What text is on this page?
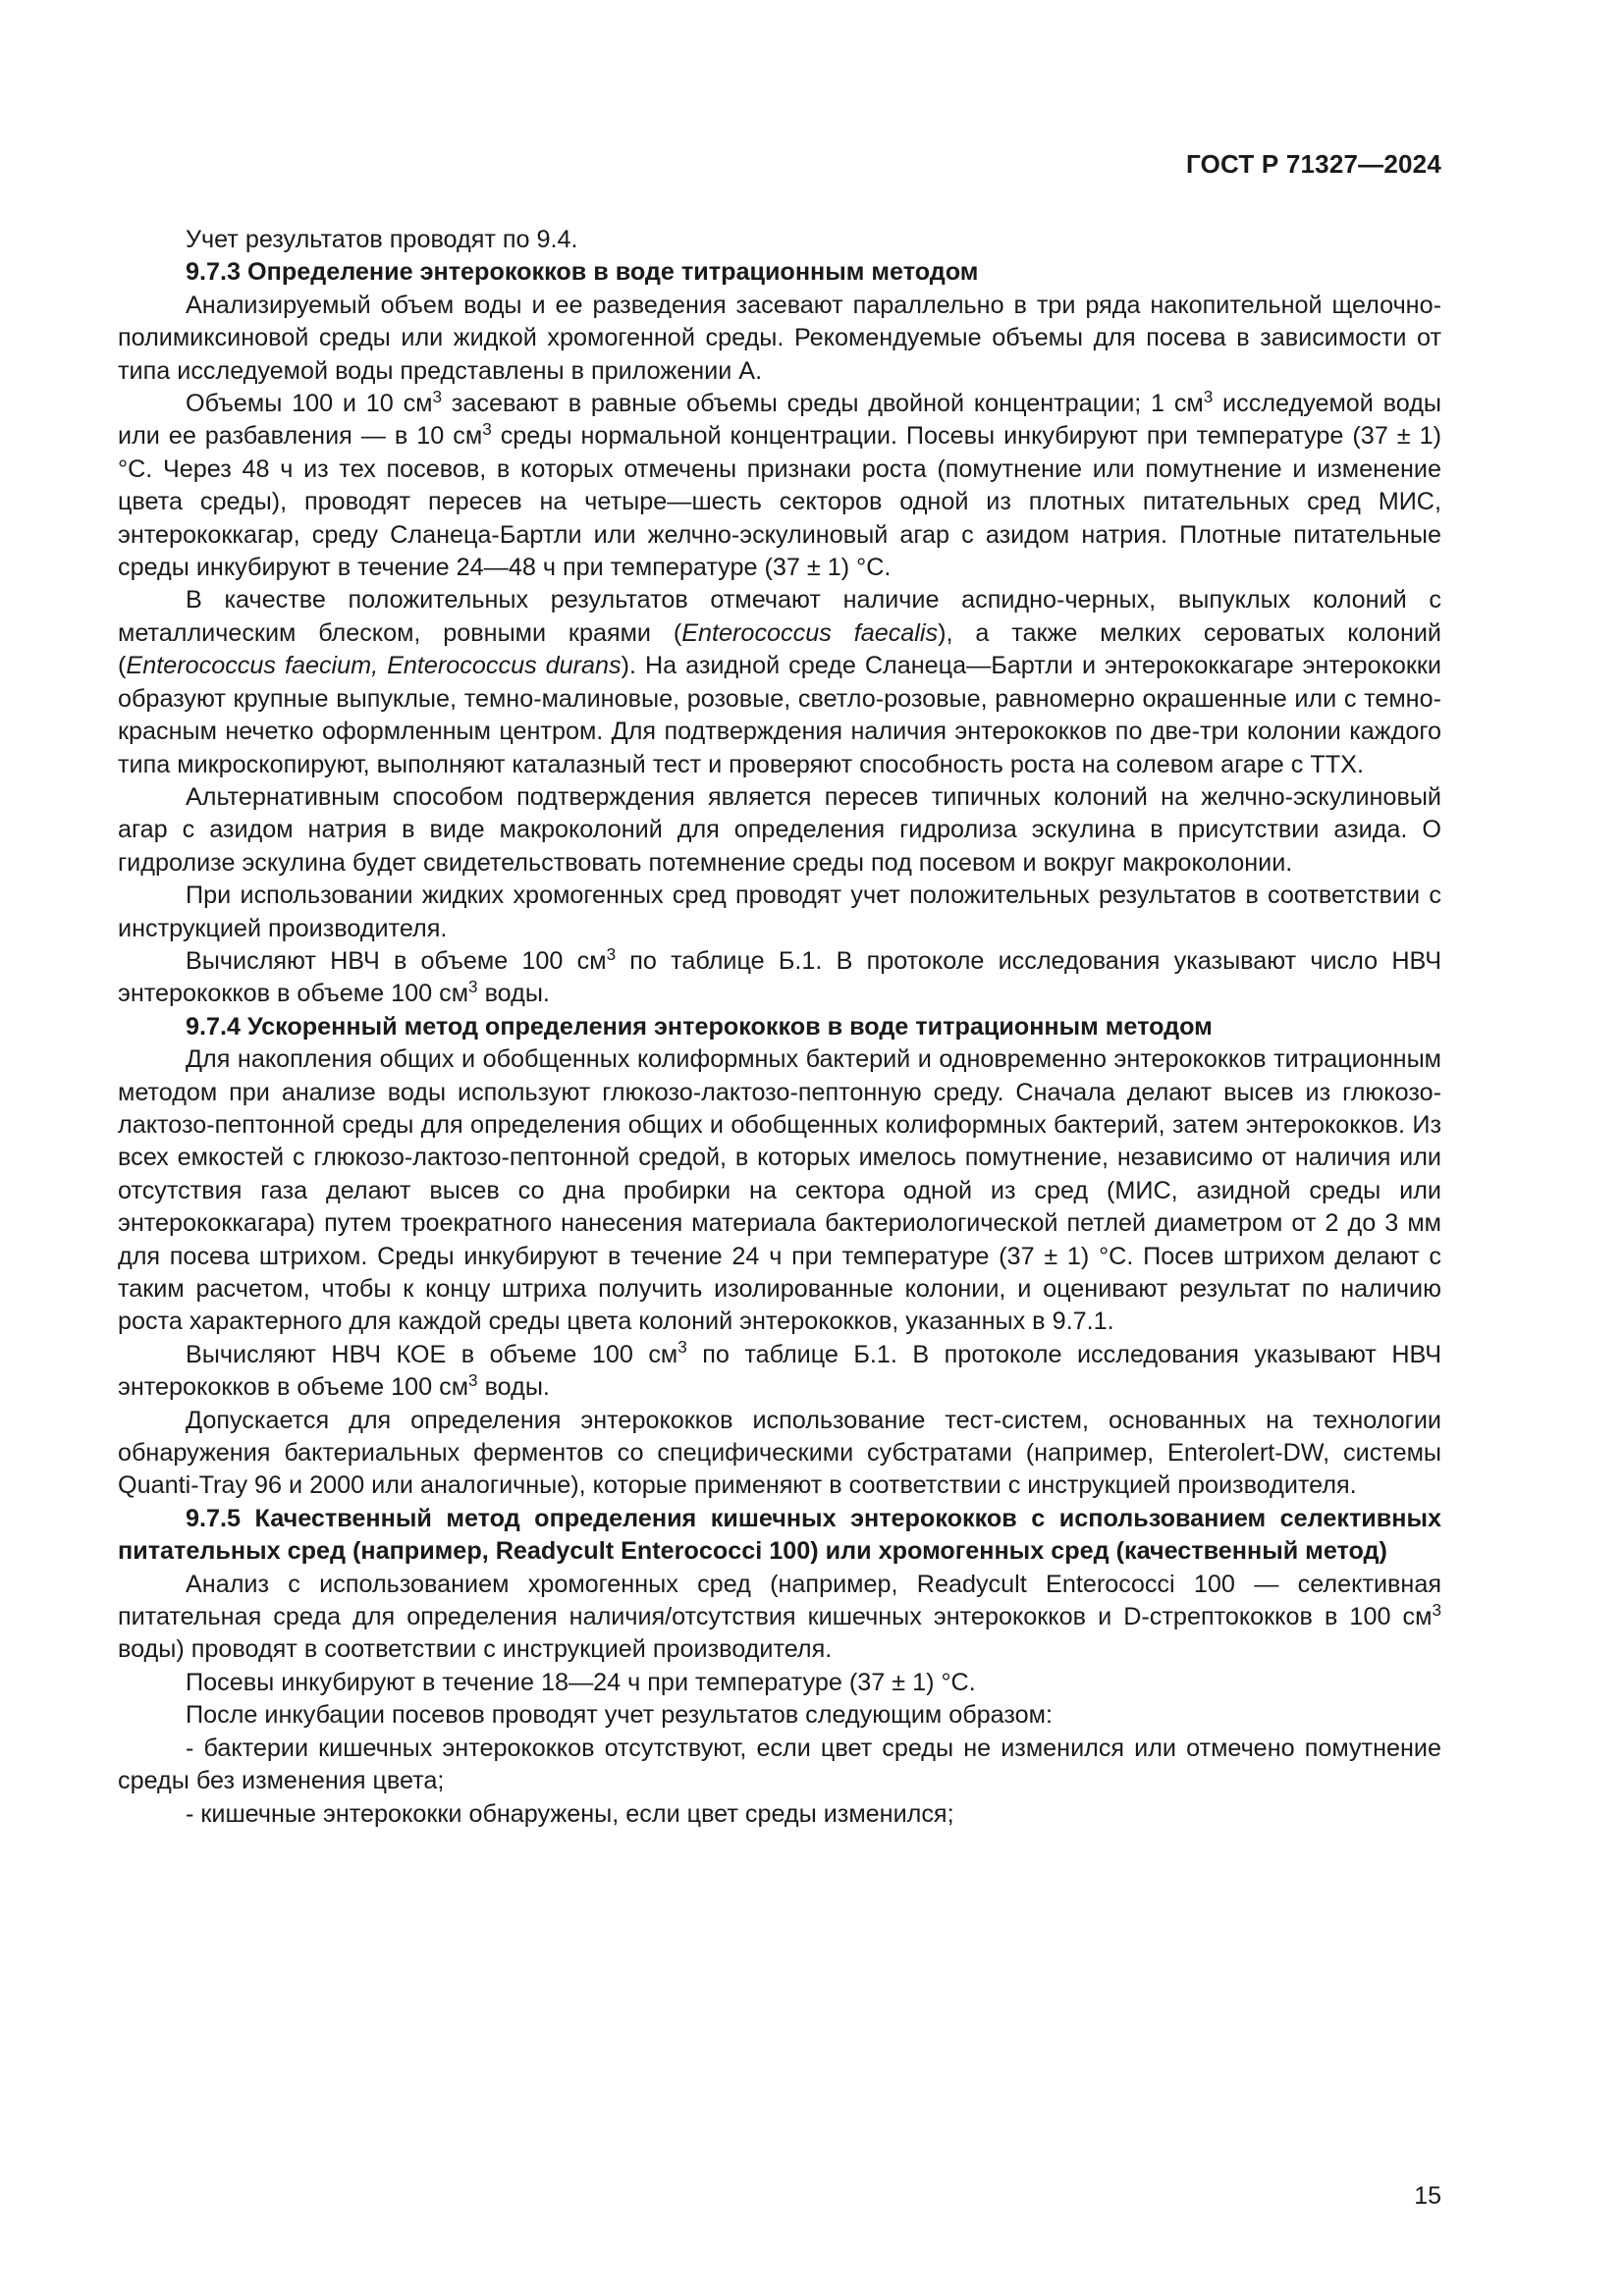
ГОСТ Р 71327—2024

Учет результатов проводят по 9.4.

9.7.3 Определение энтерококков в воде титрационным методом

Анализируемый объем воды и ее разведения засевают параллельно в три ряда накопительной щелочно-полимиксиновой среды или жидкой хромогенной среды. Рекомендуемые объемы для посева в зависимости от типа исследуемой воды представлены в приложении А.

Объемы 100 и 10 $см^3$ засевают в равные объемы среды двойной концентрации; 1 $см^3$ исследуемой воды или ее разбавления — в 10 $см^3$ среды нормальной концентрации. Посевы инкубируют при температуре (37 ± 1) °С. Через 48 ч из тех посевов, в которых отмечены признаки роста (помутнение или помутнение и изменение цвета среды), проводят пересев на четыре—шесть секторов одной из плотных питательных сред МИС, энтерококкагар, среду Сланеца-Бартли или желчно-эскулиновый агар с азидом натрия. Плотные питательные среды инкубируют в течение 24—48 ч при температуре (37 ± 1) °С.

В качестве положительных результатов отмечают наличие аспидно-черных, выпуклых колоний с металлическим блеском, ровными краями (Enterococcus faecalis), а также мелких сероватых колоний (Enterococcus faecium, Enterococcus durans). На азидной среде Сланеца—Бартли и энтерококкагаре энтерококки образуют крупные выпуклые, темно-малиновые, розовые, светло-розовые, равномерно окрашенные или с темно-красным нечетко оформленным центром. Для подтверждения наличия энтерококков по две-три колонии каждого типа микроскопируют, выполняют каталазный тест и проверяют способность роста на солевом агаре с ТТХ.

Альтернативным способом подтверждения является пересев типичных колоний на желчно-эскулиновый агар с азидом натрия в виде макроколоний для определения гидролиза эскулина в присутствии азида. О гидролизе эскулина будет свидетельствовать потемнение среды под посевом и вокруг макроколонии.

При использовании жидких хромогенных сред проводят учет положительных результатов в соответствии с инструкцией производителя.

Вычисляют НВЧ в объеме 100 $см^3$ по таблице Б.1. В протоколе исследования указывают число НВЧ энтерококков в объеме 100 $см^3$ воды.

9.7.4 Ускоренный метод определения энтерококков в воде титрационным методом

Для накопления общих и обобщенных колиформных бактерий и одновременно энтерококков титрационным методом при анализе воды используют глюкозо-лактозо-пептонную среду. Сначала делают высев из глюкозо-лактозо-пептонной среды для определения общих и обобщенных колиформных бактерий, затем энтерококков. Из всех емкостей с глюкозо-лактозо-пептонной средой, в которых имелось помутнение, независимо от наличия или отсутствия газа делают высев со дна пробирки на сектора одной из сред (МИС, азидной среды или энтерококкагара) путем троекратного нанесения материала бактериологической петлей диаметром от 2 до 3 мм для посева штрихом. Среды инкубируют в течение 24 ч при температуре (37 ± 1) °С. Посев штрихом делают с таким расчетом, чтобы к концу штриха получить изолированные колонии, и оценивают результат по наличию роста характерного для каждой среды цвета колоний энтерококков, указанных в 9.7.1.

Вычисляют НВЧ КОЕ в объеме 100 $см^3$ по таблице Б.1. В протоколе исследования указывают НВЧ энтерококков в объеме 100 $см^3$ воды.

Допускается для определения энтерококков использование тест-систем, основанных на технологии обнаружения бактериальных ферментов со специфическими субстратами (например, Enterolert-DW, системы Quanti-Tray 96 и 2000 или аналогичные), которые применяют в соответствии с инструкцией производителя.

9.7.5 Качественный метод определения кишечных энтерококков с использованием селективных питательных сред (например, Readycult Enterococci 100) или хромогенных сред (качественный метод)

Анализ с использованием хромогенных сред (например, Readycult Enterococci 100 — селективная питательная среда для определения наличия/отсутствия кишечных энтерококков и D-стрептококков в 100 $см^3$ воды) проводят в соответствии с инструкцией производителя.

Посевы инкубируют в течение 18—24 ч при температуре (37 ± 1) °С.

После инкубации посевов проводят учет результатов следующим образом:

- бактерии кишечных энтерококков отсутствуют, если цвет среды не изменился или отмечено помутнение среды без изменения цвета;

- кишечные энтерококки обнаружены, если цвет среды изменился;

15
